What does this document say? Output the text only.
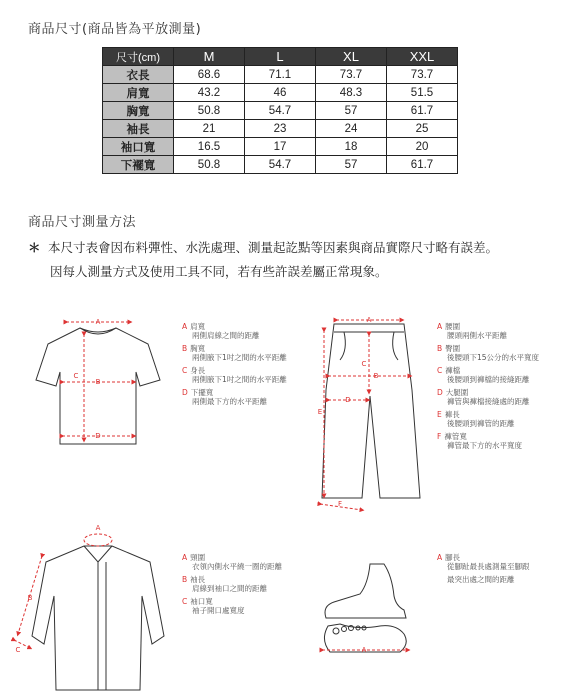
商品尺寸(商品皆為平放測量)
尺寸(cm)	M	L	XL	XXL
衣長	68.6	71.1	73.7	73.7
肩寬	43.2	46	48.3	51.5
胸寬	50.8	54.7	57	61.7
袖長	21	23	24	25
袖口寬	16.5	17	18	20
下襬寬	50.8	54.7	57	61.7
商品尺寸測量方法
＊ 本尺寸表會因布料彈性、水洗處理、測量起訖點等因素與商品實際尺寸略有誤差。
因每人測量方式及使用工具不同，若有些許誤差屬正常現象。
A
B
C
D
A
B
C
D
E
F
A
B
C	A
A 肩寬
兩側肩線之間的距離
B 胸寬
兩側腋下1吋之間的水平距離
C 身長
兩側腋下1吋之間的水平距離
D 下擺寬
兩側最下方的水平距離
A 腰圍
腰頭兩側水平距離
B 臀圍
後腰頭下15公分的水平寬度
C 褲檔
後腰頭到褲檔的接縫距離
D 大腿圍
褲管與褲檔接縫處的距離
E 褲長
後腰頭到褲管的距離
F 褲管寬
褲管最下方的水平寬度
A 頸圍
衣領內側水平繞一圈的距離
B 袖長
肩線到袖口之間的距離
C 袖口寬
袖子開口處寬度
A 腳長
從腳趾最長處測量至腳跟
最突出處之間的距離
